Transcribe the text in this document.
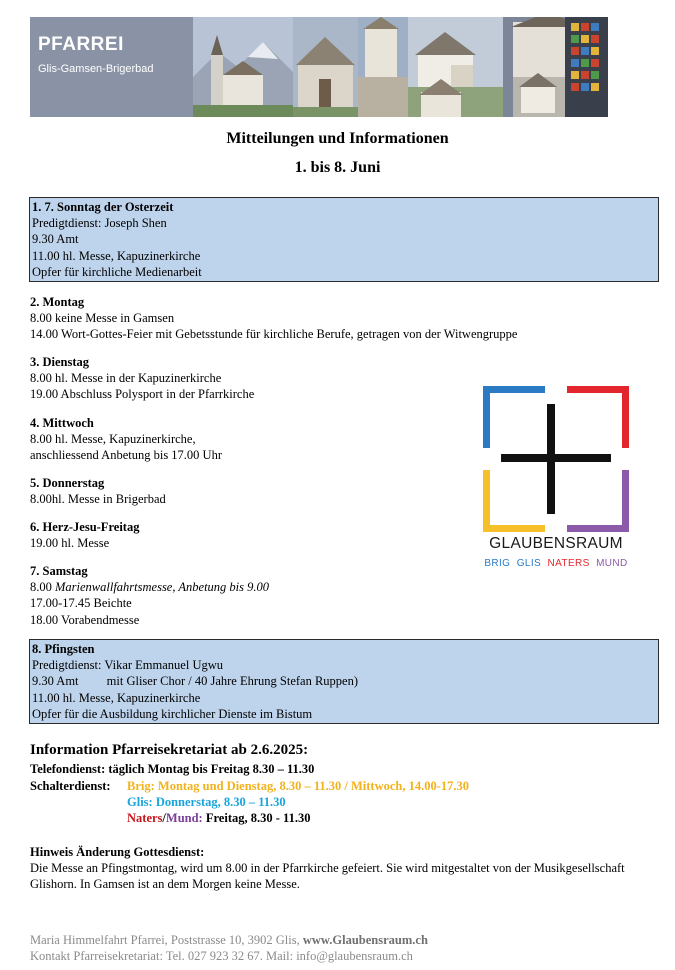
PFARREI
Glis-Gamsen-Brigerbad
Mitteilungen und Informationen
1. bis 8. Juni
1. 7. Sonntag der Osterzeit
Predigtdienst: Joseph Shen
9.30 Amt
11.00 hl. Messe, Kapuzinerkirche
Opfer für kirchliche Medienarbeit
2. Montag
8.00 keine Messe in Gamsen
14.00 Wort-Gottes-Feier mit Gebetsstunde für kirchliche Berufe, getragen von der Witwengruppe
3. Dienstag
8.00 hl. Messe in der Kapuzinerkirche
19.00 Abschluss Polysport in der Pfarrkirche
4. Mittwoch
8.00 hl. Messe, Kapuzinerkirche,
anschliessend Anbetung bis 17.00 Uhr
5. Donnerstag
8.00hl. Messe in Brigerbad
6. Herz-Jesu-Freitag
19.00 hl. Messe
7. Samstag
8.00 Marienwallfahrtsmesse, Anbetung bis 9.00
17.00-17.45 Beichte
18.00 Vorabendmesse
8. Pfingsten
Predigtdienst: Vikar Emmanuel Ugwu
9.30 Amt         mit Gliser Chor / 40 Jahre Ehrung Stefan Ruppen)
11.00 hl. Messe, Kapuzinerkirche
Opfer für die Ausbildung kirchlicher Dienste im Bistum
GLAUBENSRAUM
BRIG GLIS NATERS MUND
Information Pfarreisekretariat ab 2.6.2025:
Telefondienst: täglich Montag bis Freitag 8.30 – 11.30
Schalterdienst: Brig: Montag und Dienstag, 8.30 – 11.30 / Mittwoch, 14.00-17.30
Glis: Donnerstag, 8.30 – 11.30
Naters/Mund: Freitag, 8.30 - 11.30
Hinweis Änderung Gottesdienst:
Die Messe an Pfingstmontag, wird um 8.00 in der Pfarrkirche gefeiert. Sie wird mitgestaltet von der Musikgesellschaft Glishorn. In Gamsen ist an dem Morgen keine Messe.
Maria Himmelfahrt Pfarrei, Poststrasse 10, 3902 Glis, www.Glaubensraum.ch
Kontakt Pfarreisekretariat: Tel. 027 923 32 67. Mail: info@glaubensraum.ch
